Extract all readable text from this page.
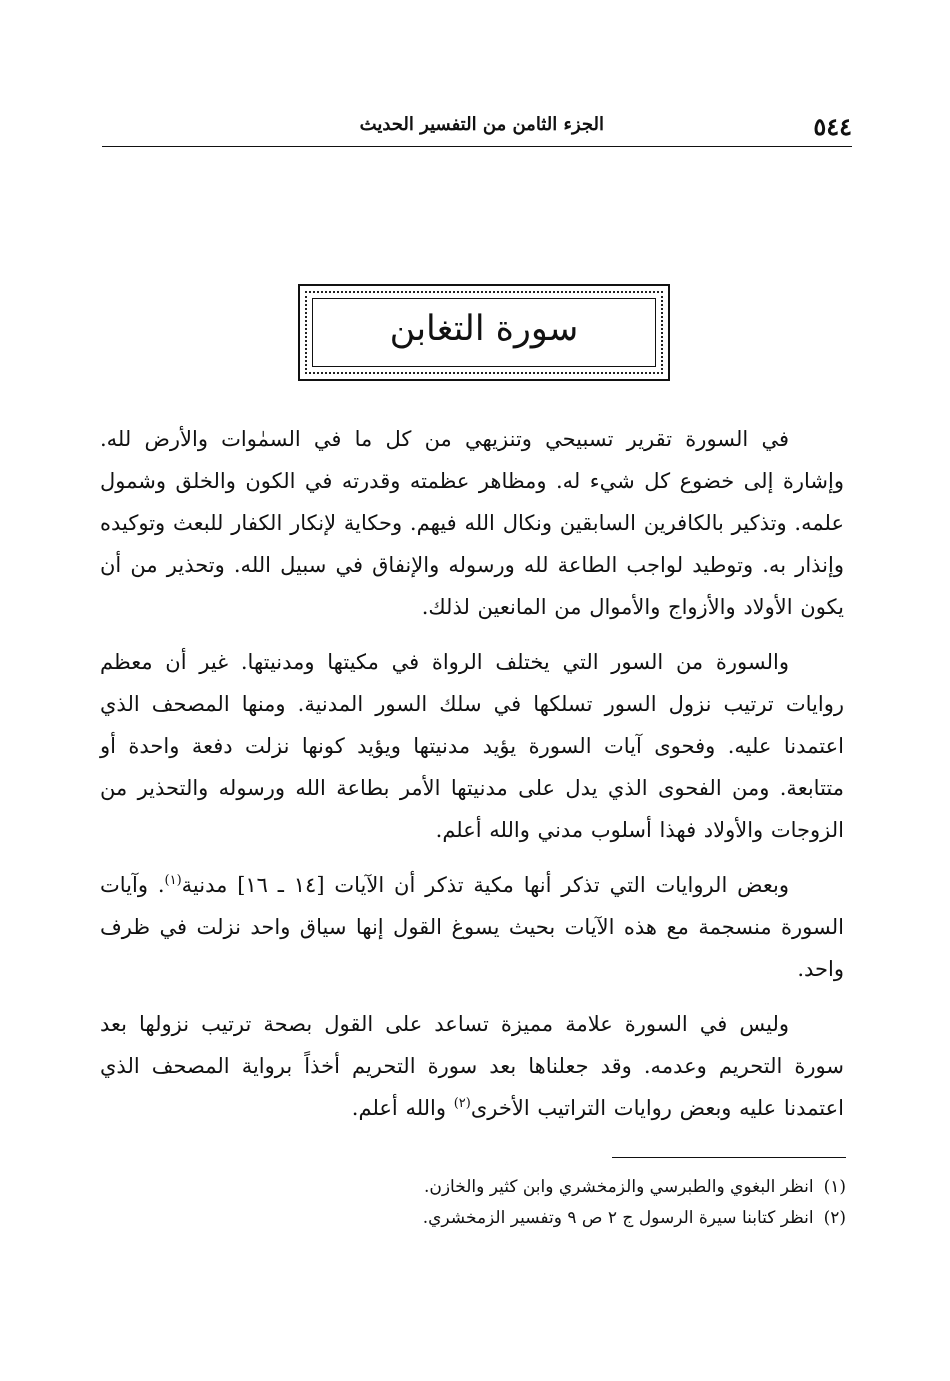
٥٤٤
الجزء الثامن من التفسير الحديث
سورة التغابن

في السورة تقرير تسبيحي وتنزيهي من كل ما في السمٰوات والأرض لله. وإشارة إلى خضوع كل شيء له. ومظاهر عظمته وقدرته في الكون والخلق وشمول علمه. وتذكير بالكافرين السابقين ونكال الله فيهم. وحكاية لإنكار الكفار للبعث وتوكيده وإنذار به. وتوطيد لواجب الطاعة لله ورسوله والإنفاق في سبيل الله. وتحذير من أن يكون الأولاد والأزواج والأموال من المانعين لذلك.

والسورة من السور التي يختلف الرواة في مكيتها ومدنيتها. غير أن معظم روايات ترتيب نزول السور تسلكها في سلك السور المدنية. ومنها المصحف الذي اعتمدنا عليه. وفحوى آيات السورة يؤيد مدنيتها ويؤيد كونها نزلت دفعة واحدة أو متتابعة. ومن الفحوى الذي يدل على مدنيتها الأمر بطاعة الله ورسوله والتحذير من الزوجات والأولاد فهذا أسلوب مدني والله أعلم.

وبعض الروايات التي تذكر أنها مكية تذكر أن الآيات [١٤ ـ ١٦] مدنية$^{(١)}$. وآيات السورة منسجمة مع هذه الآيات بحيث يسوغ القول إنها سياق واحد نزلت في ظرف واحد.

وليس في السورة علامة مميزة تساعد على القول بصحة ترتيب نزولها بعد سورة التحريم وعدمه. وقد جعلناها بعد سورة التحريم أخذاً برواية المصحف الذي اعتمدنا عليه وبعض روايات التراتيب الأخرى$^{(٢)}$ والله أعلم.

(١)انظر البغوي والطبرسي والزمخشري وابن كثير والخازن.
(٢)انظر كتابنا سيرة الرسول ج ٢ ص ٩ وتفسير الزمخشري.
